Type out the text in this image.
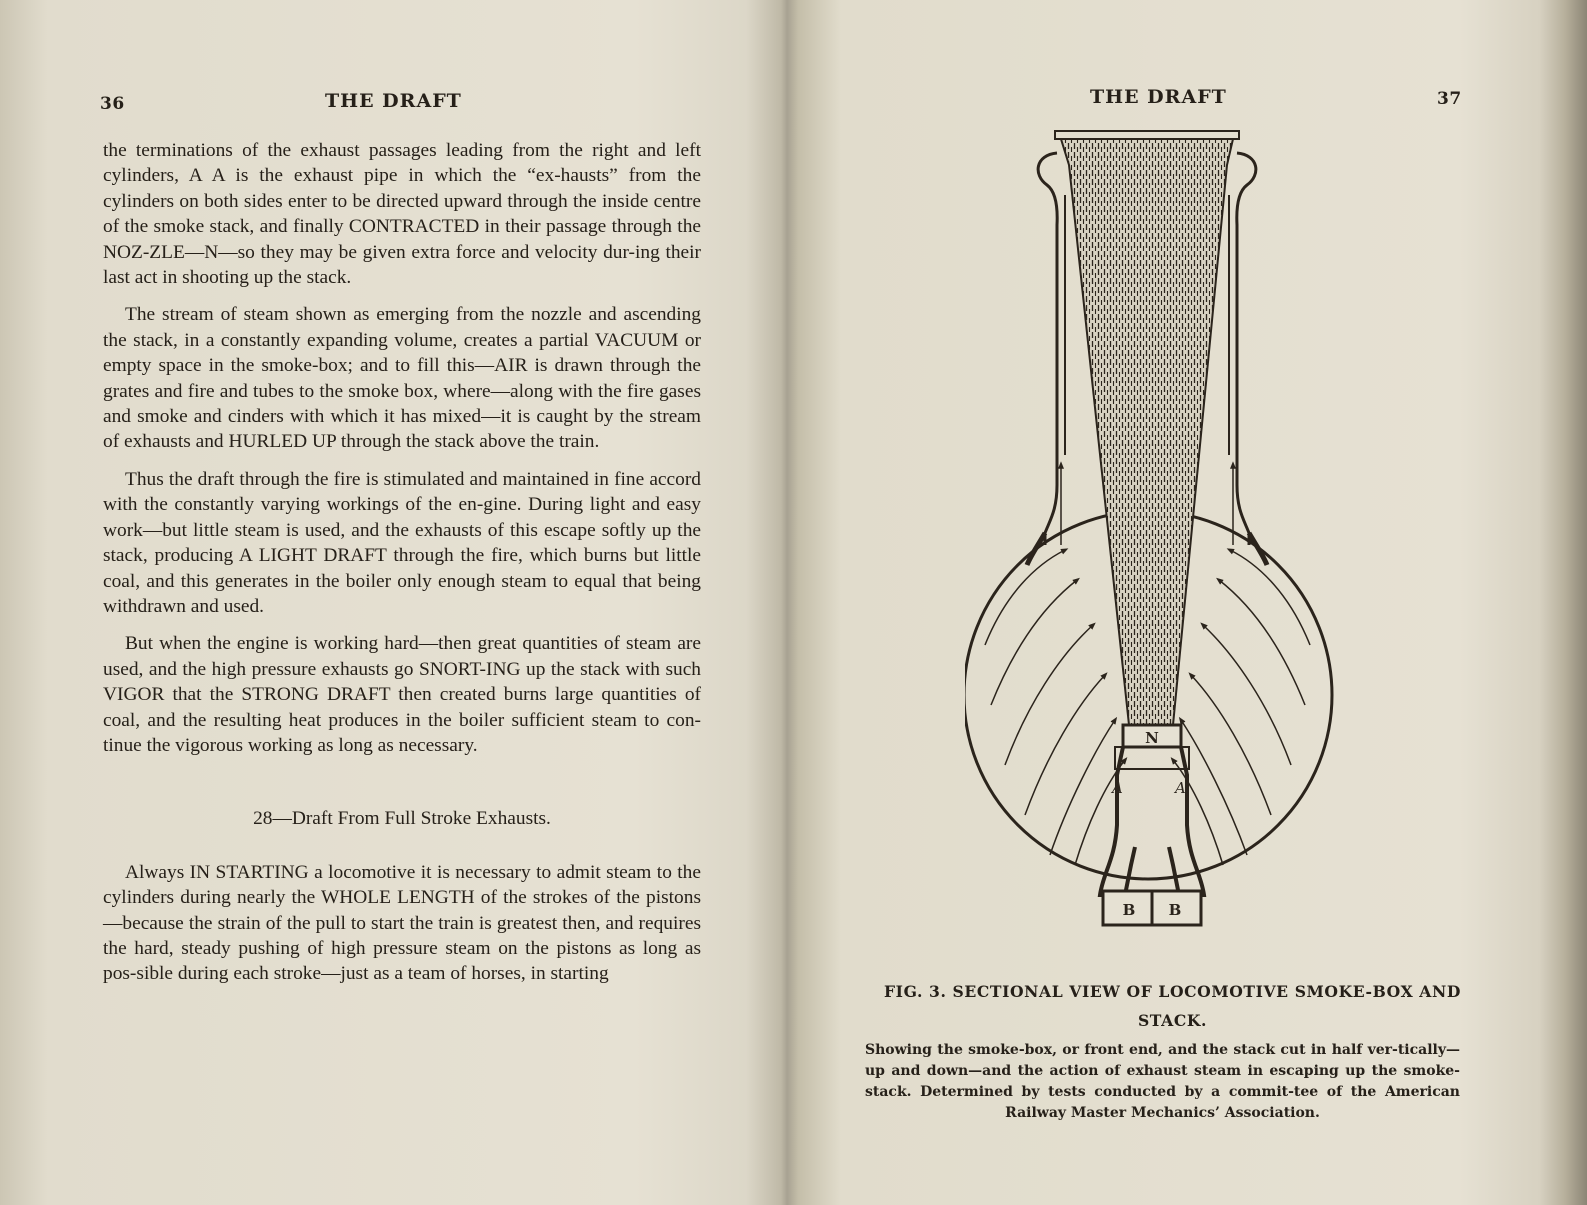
36	THE DRAFT

the terminations of the exhaust passages leading from the right and left cylinders, A A is the exhaust pipe in which the “ex-hausts” from the cylinders on both sides enter to be directed upward through the inside centre of the smoke stack, and finally CONTRACTED in their passage through the NOZ-ZLE—N—so they may be given extra force and velocity dur-ing their last act in shooting up the stack.

The stream of steam shown as emerging from the nozzle and ascending the stack, in a constantly expanding volume, creates a partial VACUUM or empty space in the smoke-box; and to fill this—AIR is drawn through the grates and fire and tubes to the smoke box, where—along with the fire gases and smoke and cinders with which it has mixed—it is caught by the stream of exhausts and HURLED UP through the stack above the train.

Thus the draft through the fire is stimulated and maintained in fine accord with the constantly varying workings of the en-gine. During light and easy work—but little steam is used, and the exhausts of this escape softly up the stack, producing A LIGHT DRAFT through the fire, which burns but little coal, and this generates in the boiler only enough steam to equal that being withdrawn and used.

But when the engine is working hard—then great quantities of steam are used, and the high pressure exhausts go SNORT-ING up the stack with such VIGOR that the STRONG DRAFT then created burns large quantities of coal, and the resulting heat produces in the boiler sufficient steam to con-tinue the vigorous working as long as necessary.

28—Draft From Full Stroke Exhausts.

Always IN STARTING a locomotive it is necessary to admit steam to the cylinders during nearly the WHOLE LENGTH of the strokes of the pistons—because the strain of the pull to start the train is greatest then, and requires the hard, steady pushing of high pressure steam on the pistons as long as pos-sible during each stroke—just as a team of horses, in starting

THE DRAFT	37
N
A	A
B B
FIG. 3. SECTIONAL VIEW OF LOCOMOTIVE SMOKE-BOX AND STACK.
Showing the smoke-box, or front end, and the stack cut in half ver-tically—up and down—and the action of exhaust steam in escaping up the smoke-stack. Determined by tests conducted by a commit-tee of the American Railway Master Mechanics’ Association.
